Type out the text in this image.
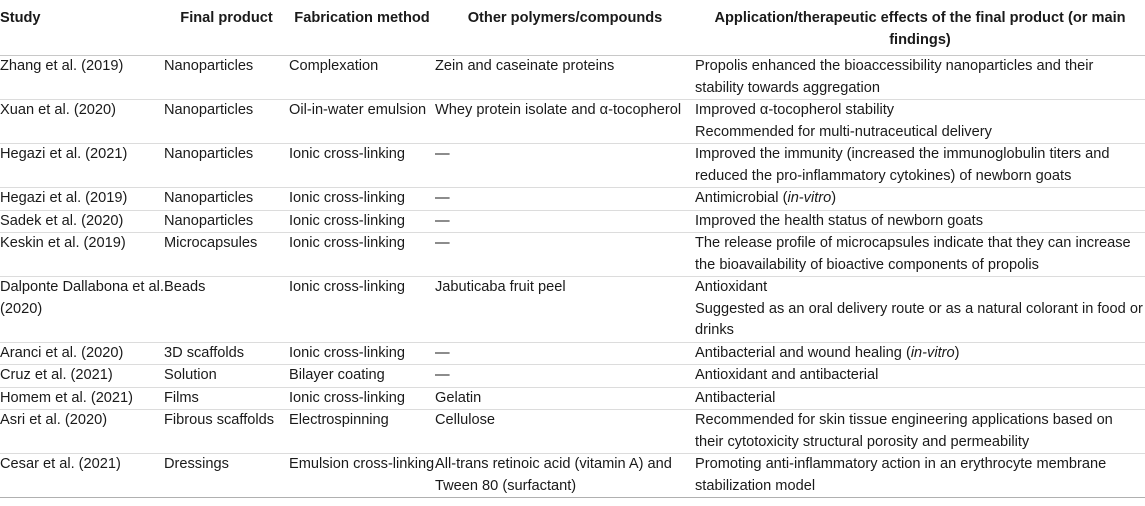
Study	Final product	Fabrication method	Other polymers/compounds	Application/therapeutic effects of the final product (or main findings)
Zhang et al. (2019)	Nanoparticles	Complexation	Zein and caseinate proteins	Propolis enhanced the bioaccessibility nanoparticles and their stability towards aggregation

Xuan et al. (2020)	Nanoparticles	Oil-in-water emulsion	Whey protein isolate and α-tocopherol	Improved α-tocopherol stability
Recommended for multi-nutraceutical delivery

Hegazi et al. (2021)	Nanoparticles	Ionic cross-linking	—	Improved the immunity (increased the immunoglobulin titers and reduced the pro-inflammatory cytokines) of newborn goats

Hegazi et al. (2019)	Nanoparticles	Ionic cross-linking	—	Antimicrobial (in-vitro)
Sadek et al. (2020)	Nanoparticles	Ionic cross-linking	—	Improved the health status of newborn goats

Keskin et al. (2019)	Microcapsules	Ionic cross-linking	—	The release profile of microcapsules indicate that they can increase the bioavailability of bioactive components of propolis

Dalponte Dallabona et al. (2020)	Beads	Ionic cross-linking	Jabuticaba fruit peel	Antioxidant
Suggested as an oral delivery route or as a natural colorant in food or drinks

Aranci et al. (2020)	3D scaffolds	Ionic cross-linking	—	Antibacterial and wound healing (in-vitro)
Cruz et al. (2021)	Solution	Bilayer coating	—	Antioxidant and antibacterial

Homem et al. (2021)	Films	Ionic cross-linking	Gelatin	Antibacterial

Asri et al. (2020)	Fibrous scaffolds	Electrospinning	Cellulose	Recommended for skin tissue engineering applications based on their cytotoxicity structural porosity and permeability

Cesar et al. (2021)	Dressings	Emulsion cross-linking	All-trans retinoic acid (vitamin A) and Tween 80 (surfactant)	Promoting anti-inflammatory action in an erythrocyte membrane stabilization model
